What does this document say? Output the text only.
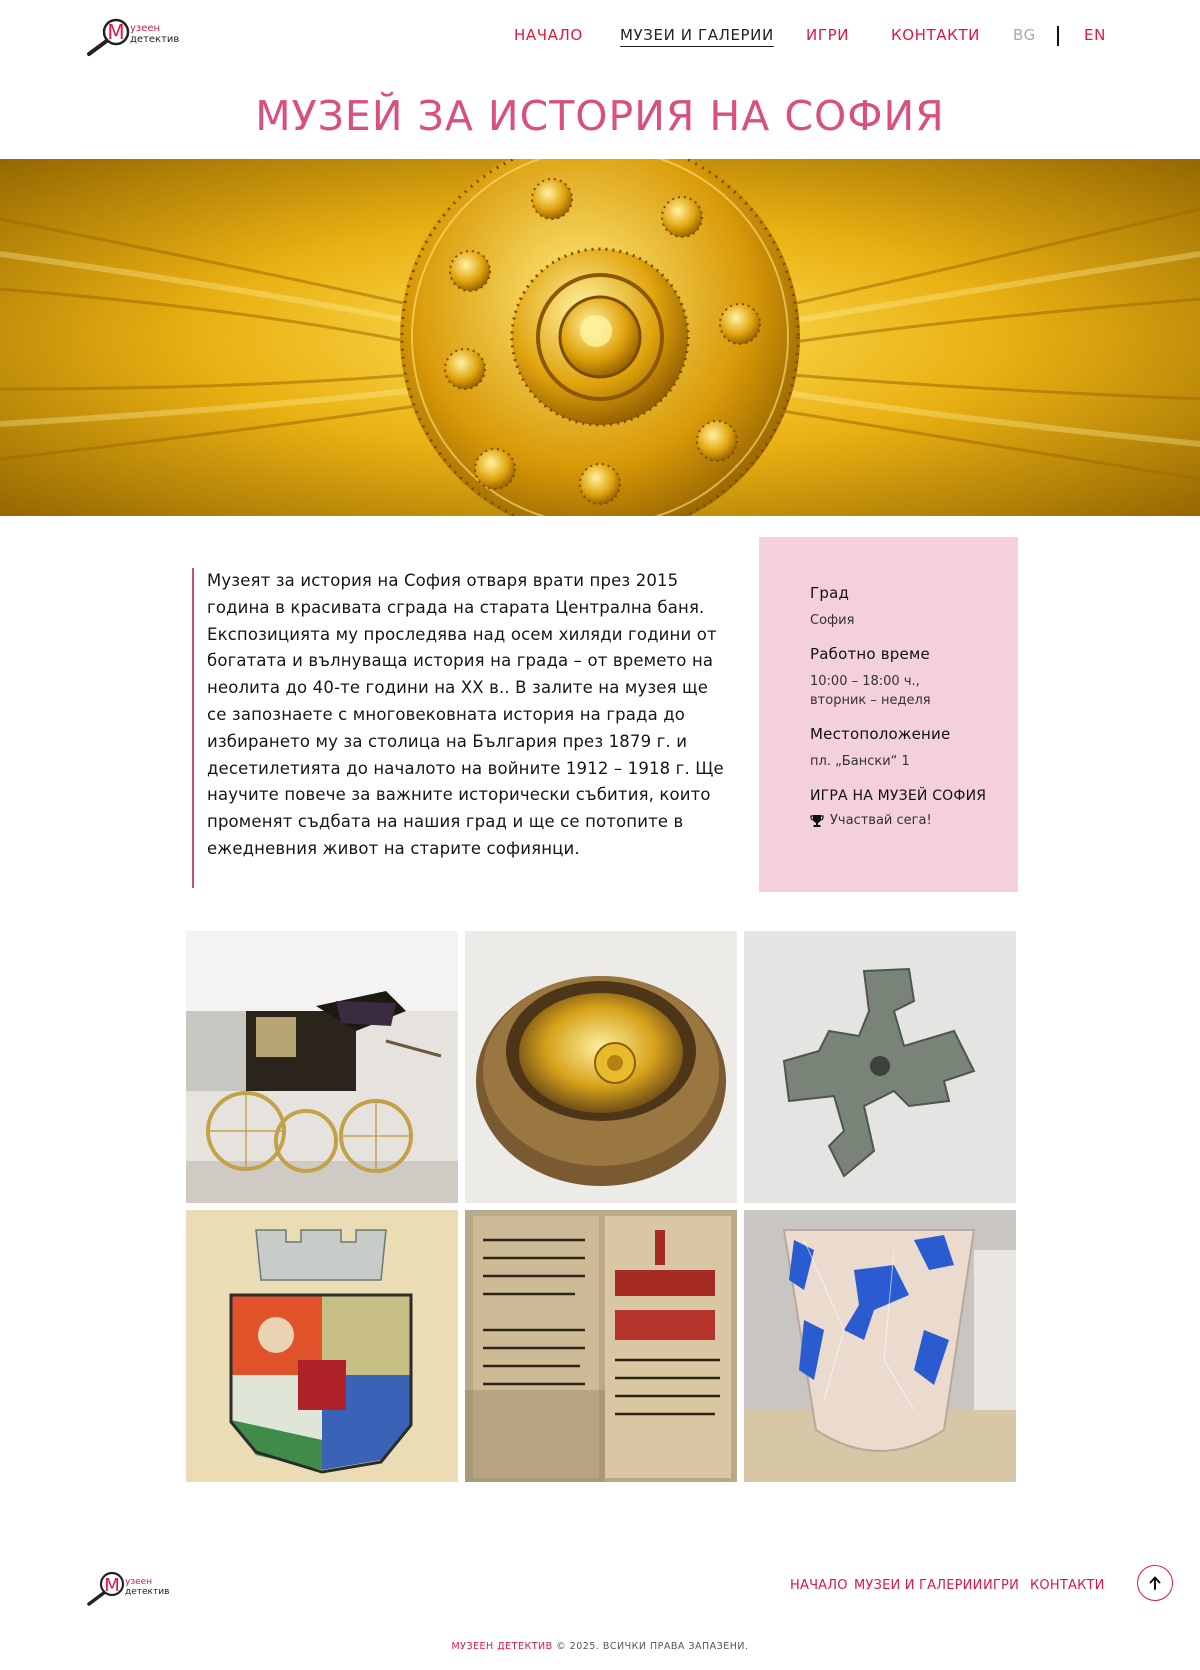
М узеен
детектив	НАЧАЛО МУЗЕИ И ГАЛЕРИИ ИГРИ	КОНТАКТИ BG	EN
МУЗЕЙ ЗА ИСТОРИЯ НА СОФИЯ

Музеят за история на София отваря врати през 2015 година в красивата сграда на старата Централна баня. Експозицията му проследява над осем хиляди години от богатата и вълнуваща история на града – от времето на неолита до 40-те години на XX в.. В залите на музея ще се запознаете с многовековната история на града до избирането му за столица на България през 1879 г. и десетилетията до началото на войните 1912 – 1918 г. Ще научите повече за важните исторически събития, които променят съдбата на нашия град и ще се потопите в ежедневния живот на старите софиянци.

Град
София
Работно време
10:00 – 18:00 ч.,
вторник – неделя
Местоположение
пл. „Бански“ 1
ИГРА НА МУЗЕЙ СОФИЯ
Участвай сега!
М узеен
детектив	НАЧАЛО МУЗЕИ И ГАЛЕРИИ ИГРИ КОНТАКТИ
МУЗЕЕН ДЕТЕКТИВ © 2025. ВСИЧКИ ПРАВА ЗАПАЗЕНИ.
